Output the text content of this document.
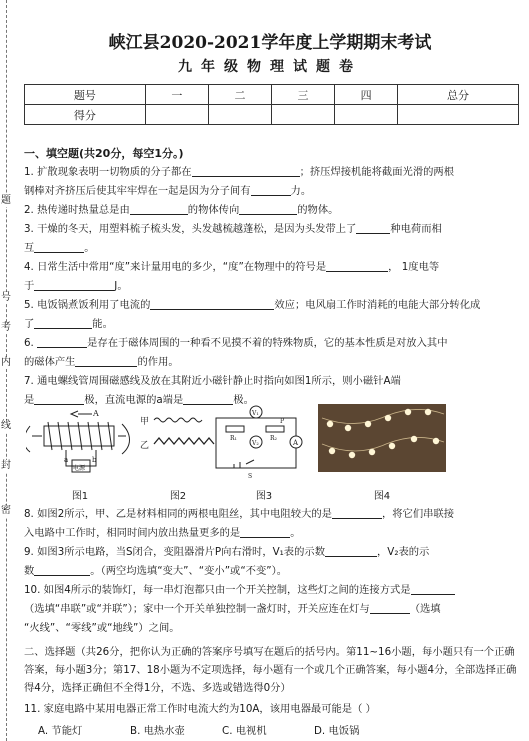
题
号
考
内
线
封
密
峡江县2020-2021学年度上学期期末考试
九年级物理试题卷
题号	一	二	三	四	总分
得分					
一、填空题(共20分，每空1分。)
1. 扩散现象表明一切物质的分子都在	；挤压焊接机能将截面光滑的两根
钢棒对齐挤压后使其牢牢焊在一起是因为分子间有	力。
2. 热传递时热量总是由	的物体传向	的物体。
3. 干燥的冬天，用塑料梳子梳头发，头发越梳越蓬松，是因为头发带上了	种电荷而相
互	。
4. 日常生活中常用“度”来计量用电的多少，“度”在物理中的符号是	， 1度电等
于	J。
5. 电饭锅煮饭利用了电流的	效应；电风扇工作时消耗的电能大部分转化成
了	能。
6.	是存在于磁体周围的一种看不见摸不着的特殊物质，它的基本性质是对放入其中
的磁体产生	的作用。
7. 通电螺线管周围磁感线及放在其附近小磁针静止时指向如图1所示，则小磁针A端
是	极，直流电源的a端是	极。
A
a	b
电源
甲
乙
V₁
V₂	A
R₁	R₂
P
S
图1	图2	图3	图4
8. 如图2所示，甲、乙是材料相同的两根电阻丝，其中电阻较大的是	，将它们串联接
入电路中工作时，相同时间内放出热量更多的是	。
9. 如图3所示电路，当S闭合，变阻器滑片P向右滑时，V₁表的示数	，V₂表的示
数	。（两空均选填“变大”、“变小”或“不变”）。
10. 如图4所示的装饰灯，每一串灯泡都只由一个开关控制，这些灯之间的连接方式是
（选填“串联”或“并联”）；家中一个开关单独控制一盏灯时，开关应连在灯与	（选填
“火线”、“零线”或“地线”）之间。
二、选择题（共26分，把你认为正确的答案序号填写在题后的括号内。第11~16小题，每小题只有一个正确答案，每小题3分；第17、18小题为不定项选择，每小题有一个或几个正确答案，每小题4分，全部选择正确得4分，选择正确但不全得1分，不选、多选或错选得0分）
11. 家庭电路中某用电器正常工作时电流大约为10A，该用电器最可能是（ ）
A. 节能灯	B. 电热水壶	C. 电视机	D. 电饭锅
